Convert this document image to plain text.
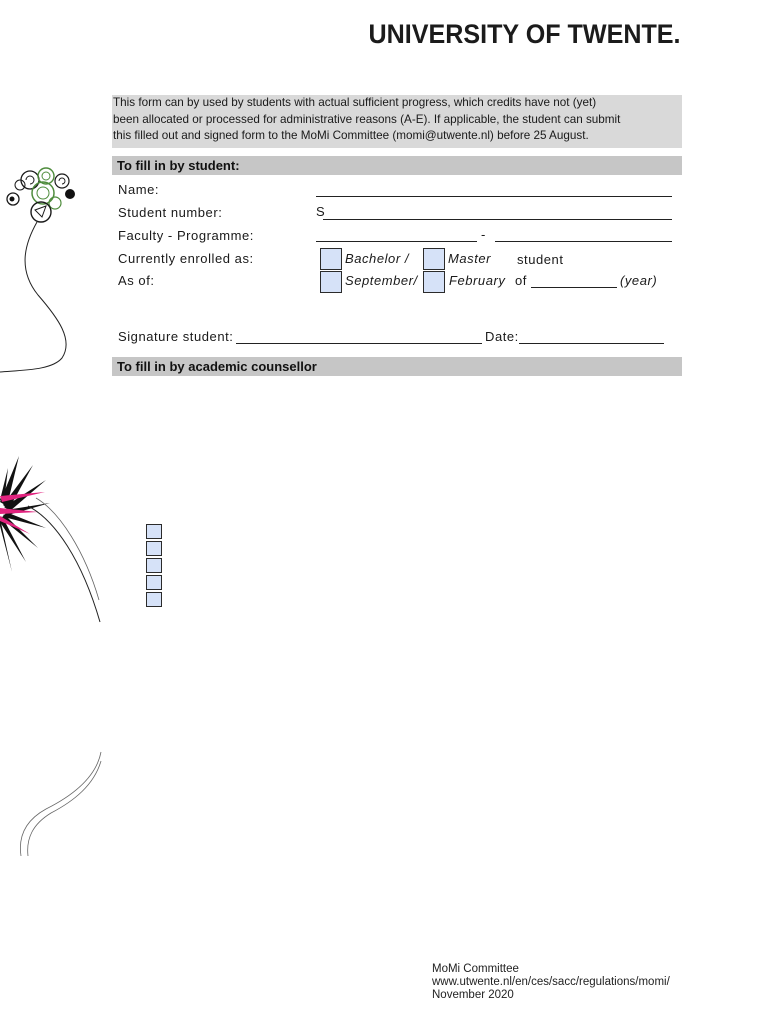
UNIVERSITY OF TWENTE.
This form can by used by students with actual sufficient progress, which credits have not (yet)
been allocated or processed for administrative reasons (A-E). If applicable, the student can submit
this filled out and signed form to the MoMi Committee (momi@utwente.nl) before 25 August.
To fill in by student:
Name:
Student number:	S
Faculty - Programme:	-
Currently enrolled as:	Bachelor /	Master student
As of:	September/ February of	(year)
Signature student:	Date:
To fill in by academic counsellor
MoMi Committee
www.utwente.nl/en/ces/sacc/regulations/momi/
November 2020
